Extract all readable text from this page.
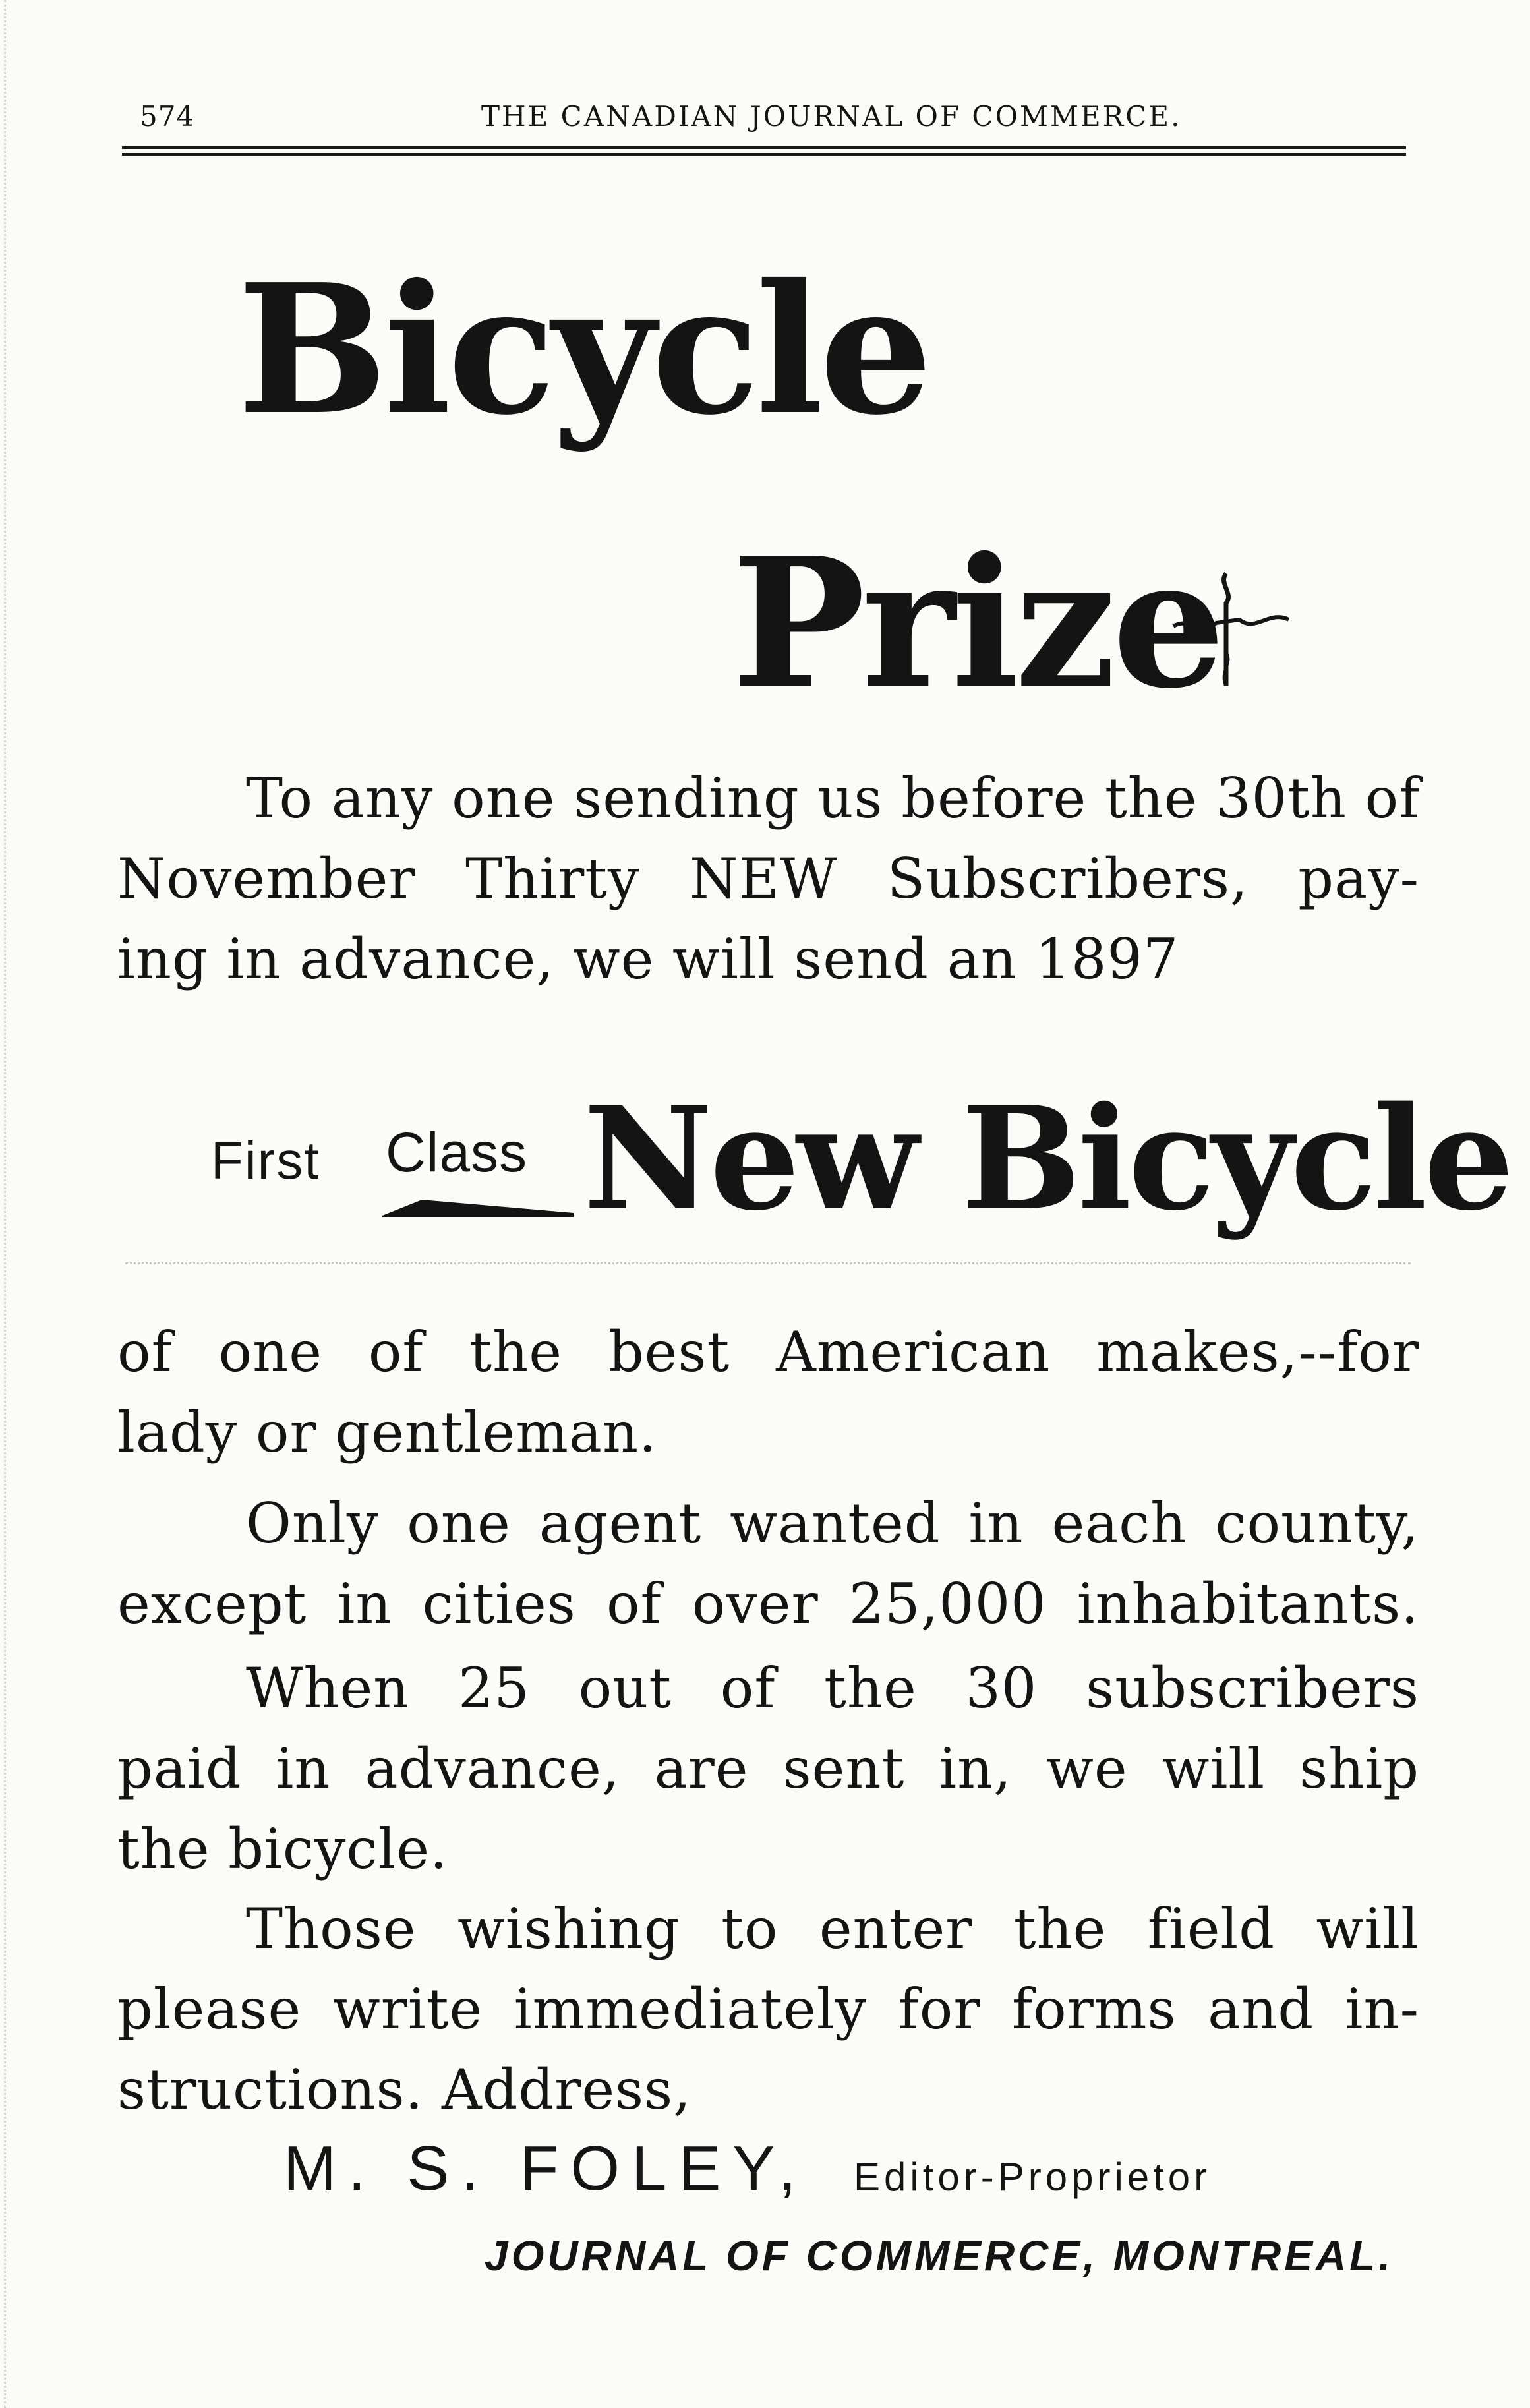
574	THE CANADIAN JOURNAL OF COMMERCE.
Bicycle
Prize
To any one sending us before the 30th of
November Thirty NEW Subscribers, pay-
ing in advance, we will send an 1897
First Class New Bicycle
of one of the best American makes,--for
lady or gentleman.
Only one agent wanted in each county,
except in cities of over 25,000 inhabitants.
When 25 out of the 30 subscribers
paid in advance, are sent in, we will ship
the bicycle.
Those wishing to enter the field will
please write immediately for forms and in-
structions. Address,
M. S. FOLEY, Editor-Proprietor
JOURNAL OF COMMERCE, MONTREAL.
